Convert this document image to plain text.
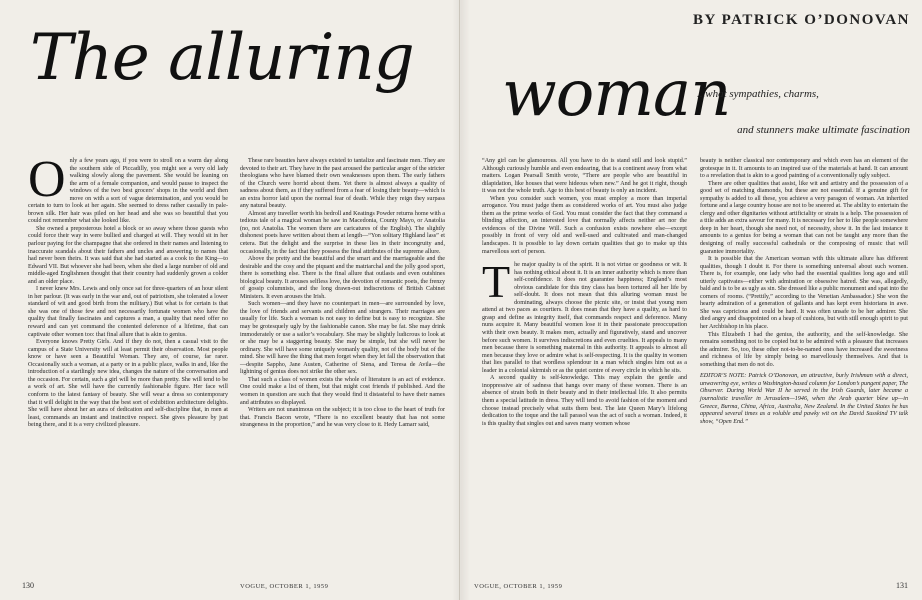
The alluring

Only a few years ago, if you were to stroll on a warm day along the southern side of Piccadilly, you might see a very old lady walking slowly along the pavement. She would be leaning on the arm of a female companion, and would pause to inspect the windows of the two best grocers’ shops in the world and then move on with a sort of vague determination, and you would be certain to turn to look at her again. She seemed to dress rather casually in pale-brown silk. Her hair was piled on her head and she was so beautiful that you could not remember what she looked like.

She owned a preposterous hotel a block or so away where those guests who could force their way in were bullied and charged at will. They would sit in her parlour paying for the champagne that she ordered in their names and listening to inaccurate scandals about their fathers and uncles and answering to names that had never been theirs. It was said that she had started as a cook to the King—to Edward VII. But whoever she had been, when she died a large number of old and middle-aged Englishmen thought that their country had suddenly grown a colder and an older place.

I never knew Mrs. Lewis and only once sat for three-quarters of an hour silent in her parlour. (It was early in the war and, out of patriotism, she tolerated a lower standard of wit and good birth from the military.) But what is for certain is that she was one of those few and not necessarily fortunate women who have the quality that finally fascinates and captures a man, a quality that need offer no reward and can yet command the contented deference of a lifetime, that can captivate other women too: that final allure that is akin to genius.

Everyone knows Pretty Girls. And if they do not, then a casual visit to the campus of a State University will at least permit their observation. Most people know or have seen a Beautiful Woman. They are, of course, far rarer. Occasionally such a woman, at a party or in a public place, walks in and, like the introduction of a startlingly new idea, changes the nature of the conversation and the occasion. For certain, such a girl will be more than pretty. She will tend to be a work of art. She will have the currently fashionable figure. Her face will conform to the latest fantasy of beauty. She will wear a dress so contemporary that it will delight in the way that the best sort of exhibition architecture delights. She will have about her an aura of dedication and self-discipline that, in men at least, commands an instant and instinctive respect. She gives pleasure by just being there, and it is a very civilized pleasure.

These rare beauties have always existed to tantalize and fascinate men. They are devoted to their art. They have in the past aroused the particular anger of the stricter theologians who have blamed their own weaknesses upon them. The early fathers of the Church were horrid about them. Yet there is almost always a quality of sadness about them, as if they suffered from a fear of losing their beauty—which is an extra horror laid upon the normal fear of death. While they reign they surpass any natural beauty.

Almost any traveller worth his bedroll and Keatings Powder returns home with a tedious tale of a magical woman he saw in Macedonia, County Mayo, or Anatolia (no, not Anatolia. The women there are caricatures of the English). The slightly dishonest poets have written about them at length—“Yon solitary Highland lass” et cetera. But the delight and the surprise in these lies in their incongruity and, occasionally, in the fact that they possess the final attributes of the supreme allure.

Above the pretty and the beautiful and the smart and the marriageable and the desirable and the cosy and the piquant and the matriarchal and the jolly good sport, there is something else. There is the final allure that outlasts and even outshines biological beauty. It arouses selfless love, the devotion of romantic poets, the frenzy of gossip columnists, and the long drawn-out indiscretions of British Cabinet Ministers. It even arouses the Irish.

Such women—and they have no counterpart in men—are surrounded by love, the love of friends and servants and children and strangers. Their marriages are usually for life. Such a woman is not easy to define but is easy to recognize. She may be grotesquely ugly by the fashionable canon. She may be fat. She may drink immoderately or use a sailor’s vocabulary. She may be slightly ludicrous to look at or she may be a staggering beauty. She may be simple, but she will never be ordinary. She will have some uniquely womanly quality, not of the body but of the mind. She will have the thing that men forget when they let fall the observation that—despite Sappho, Jane Austen, Catherine of Siena, and Teresa de Avila—the lightning of genius does not strike the other sex.

That such a class of women exists the whole of literature is an act of evidence. One could make a list of them, but that might cost friends if published. And the women in question are such that they would find it distasteful to have their names and attributes so displayed.

Writers are not unanimous on the subject; it is too close to the heart of truth for that. Francis Bacon wrote, “There is no excellent beauty that has not some strangeness in the proportion,” and he was very close to it. Hedy Lamarr said,

130	VOGUE, OCTOBER 1, 1959
BY PATRICK O’DONOVAN
woman
...what sympathies, charms,
and stunners make ultimate fascination

“Any girl can be glamourous. All you have to do is stand still and look stupid.” Although curiously humble and even endearing, that is a continent away from what matters. Logan Pearsall Smith wrote, “There are people who are beautiful in dilapidation, like houses that were hideous when new.” And he got it right, though it was not the whole truth. Age to this best of beauty is only an incident.

When you consider such women, you must employ a more than imperial arrogance. You must judge them as considered works of art. You must also judge them as the prime works of God. You must consider the fact that they command a blinding affection, an interested love that normally affects neither art nor the evidences of the Divine Will. Such a confusion exists nowhere else—except possibly in front of very old and well-used and cultivated and man-changed landscapes. It is possible to lay down certain qualities that go to make up this marvellous sort of person.

The major quality is of the spirit. It is not virtue or goodness or wit. It has nothing ethical about it. It is an inner authority which is more than self-confidence. It does not guarantee happiness; England’s most obvious candidate for this tiny class has been tortured all her life by self-doubt. It does not mean that this alluring woman must be dominating, always choose the picnic site, or insist that young men attend at two paces as courtiers. It does mean that they have a quality, as hard to grasp and define as integrity itself, that commands respect and deference. Many nuns acquire it. Many beautiful women lose it in their passionate preoccupation with their own beauty. It makes men, actually and figuratively, stand and uncover before such women. It survives indiscretions and even cruelties. It appeals to many men because there is something maternal in this authority. It appeals to almost all men because they love or admire what is self-respecting. It is the quality in women that lies parallel to that wordless splendour in a man which singles him out as a leader in a colonial skirmish or as the quiet centre of every circle in which he sits.

A second quality is self-knowledge. This may explain the gentle and inoppressive air of sadness that hangs over many of these women. There is an absence of strain both in their beauty and in their intellectual life. It also permits them a special latitude in dress. They will tend to avoid fashion of the moment and choose instead precisely what suits them best. The late Queen Mary’s lifelong dedication to the toque and the tall parasol was the act of such a woman. Indeed, it is this quality that singles out and saves many women whose

beauty is neither classical nor contemporary and which even has an element of the grotesque in it. It amounts to an inspired use of the materials at hand. It can amount to a revelation that is akin to a good painting of a conventionally ugly subject.

There are other qualities that assist, like wit and artistry and the possession of a good set of matching diamonds, but these are not essential. If a genuine gift for sympathy is added to all these, you achieve a very paragon of woman. An inherited fortune and a large country house are not to be sneered at. The ability to entertain the clergy and other dignitaries without artificiality or strain is a help. The possession of a title adds an extra savour for many. It is necessary for her to like people somewhere deep in her heart, though she need not, of necessity, show it. In the last instance it amounts to a genius for being a woman that can not be taught any more than the designing of really successful cathedrals or the composing of music that will guarantee immortality.

It is possible that the American woman with this ultimate allure has different qualities, though I doubt it. For there is something universal about such women. There is, for example, one lady who had the essential qualities long ago and still utterly captivates—either with admiration or obsessive hatred. She was, allegedly, bald and is to be as ugly as sin. She dressed like a public monument and spat into the corners of rooms. (“Prettily,” according to the Venetian Ambassador.) She won the hearty admiration of a generation of gallants and has kept even historians in awe. She was capricious and could be hard. It was often unsafe to be her admirer. She died angry and disappointed on a heap of cushions, but with still enough spirit to put her Archbishop in his place.

This Elizabeth I had the genius, the authority, and the self-knowledge. She remains something not to be copied but to be admired with a pleasure that increases the admirer. So, too, these other not-to-be-named ones have increased the sweetness and richness of life by simply being so marvellously themselves. And that is something that men do not do.

EDITOR’S NOTE: Patrick O’Donovan, an attractive, burly Irishman with a direct, unwavering eye, writes a Washington-based column for London’s pungent paper, The Observer. During World War II he served in the Irish Guards, later became a journalistic traveller in Jerusalem—1946, when the Arab quarter blew up—in Greece, Burma, China, Africa, Australia, New Zealand. In the United States he has appeared several times as a voluble and pawky wit on the David Susskind TV talk show, “Open End.”

VOGUE, OCTOBER 1, 1959	131
